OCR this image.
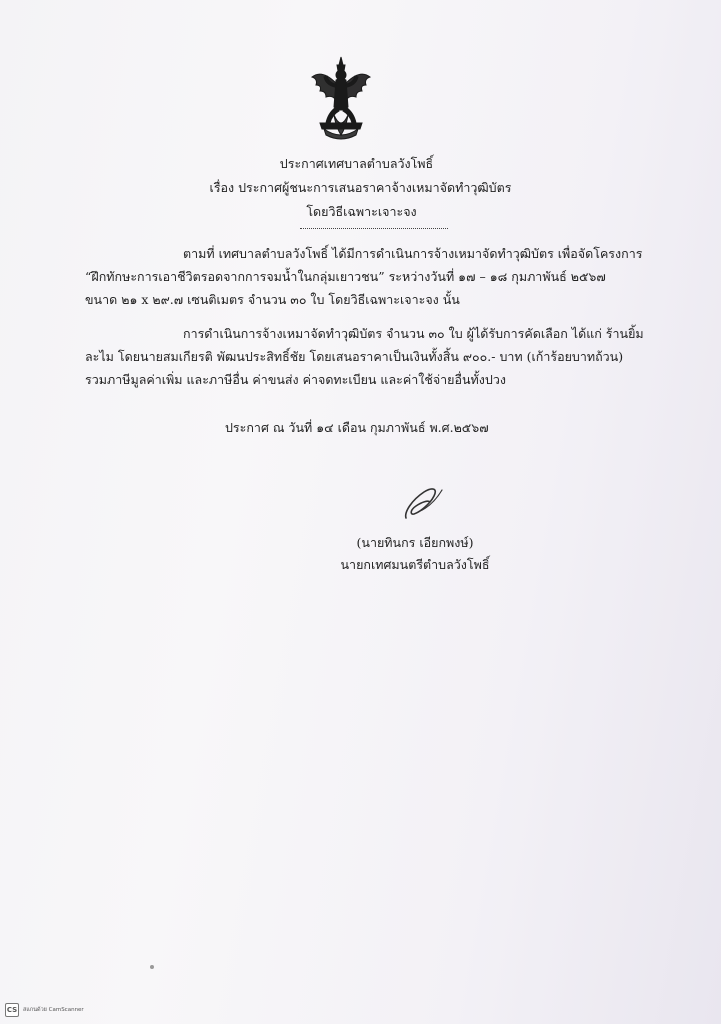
ประกาศเทศบาลตำบลวังโพธิ์
เรื่อง ประกาศผู้ชนะการเสนอราคาจ้างเหมาจัดทำวุฒิบัตร
โดยวิธีเฉพาะเจาะจง
ตามที่ เทศบาลตำบลวังโพธิ์ ได้มีการดำเนินการจ้างเหมาจัดทำวุฒิบัตร เพื่อจัดโครงการ
“ฝึกทักษะการเอาชีวิตรอดจากการจมน้ำในกลุ่มเยาวชน” ระหว่างวันที่ ๑๗ – ๑๘ กุมภาพันธ์ ๒๕๖๗
ขนาด ๒๑ x ๒๙.๗ เซนติเมตร จำนวน ๓๐ ใบ โดยวิธีเฉพาะเจาะจง นั้น
การดำเนินการจ้างเหมาจัดทำวุฒิบัตร จำนวน ๓๐ ใบ ผู้ได้รับการคัดเลือก ได้แก่ ร้านยิ้ม
ละไม โดยนายสมเกียรติ พัฒนประสิทธิ์ชัย โดยเสนอราคาเป็นเงินทั้งสิ้น ๙๐๐.- บาท (เก้าร้อยบาทถ้วน)
รวมภาษีมูลค่าเพิ่ม และภาษีอื่น ค่าขนส่ง ค่าจดทะเบียน และค่าใช้จ่ายอื่นทั้งปวง
ประกาศ ณ วันที่ ๑๔ เดือน กุมภาพันธ์ พ.ศ.๒๕๖๗
(นายทินกร เอียกพงษ์)
นายกเทศมนตรีตำบลวังโพธิ์
CS	สแกนด้วย CamScanner
